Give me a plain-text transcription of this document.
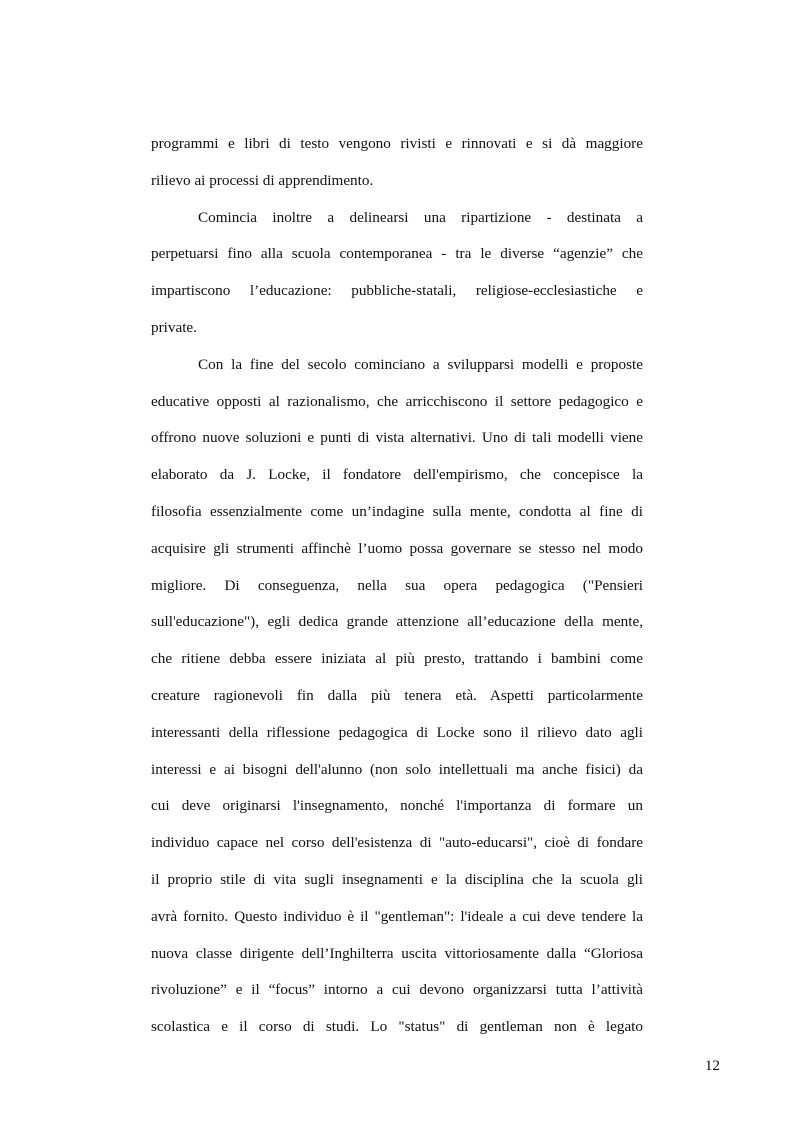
programmi e libri di testo vengono rivisti e rinnovati e si dà maggiore
rilievo ai processi di apprendimento.
Comincia inoltre a delinearsi una ripartizione - destinata a
perpetuarsi fino alla scuola contemporanea - tra le diverse “agenzie” che
impartiscono l’educazione: pubbliche-statali, religiose-ecclesiastiche e
private.
Con la fine del secolo cominciano a svilupparsi modelli e proposte
educative opposti al razionalismo, che arricchiscono il settore pedagogico e
offrono nuove soluzioni e punti di vista alternativi. Uno di tali modelli viene
elaborato da J. Locke, il fondatore dell'empirismo, che concepisce la
filosofia essenzialmente come un’indagine sulla mente, condotta al fine di
acquisire gli strumenti affinchè l’uomo possa governare se stesso nel modo
migliore. Di conseguenza, nella sua opera pedagogica ("Pensieri
sull'educazione"), egli dedica grande attenzione all’educazione della mente,
che ritiene debba essere iniziata al più presto, trattando i bambini come
creature ragionevoli fin dalla più tenera età. Aspetti particolarmente
interessanti della riflessione pedagogica di Locke sono il rilievo dato agli
interessi e ai bisogni dell'alunno (non solo intellettuali ma anche fisici) da
cui deve originarsi l'insegnamento, nonché l'importanza di formare un
individuo capace nel corso dell'esistenza di "auto-educarsi", cioè di fondare
il proprio stile di vita sugli insegnamenti e la disciplina che la scuola gli
avrà fornito. Questo individuo è il "gentleman": l'ideale a cui deve tendere la
nuova classe dirigente dell’Inghilterra uscita vittoriosamente dalla “Gloriosa
rivoluzione” e il “focus” intorno a cui devono organizzarsi tutta l’attività
scolastica e il corso di studi. Lo "status" di gentleman non è legato
12
